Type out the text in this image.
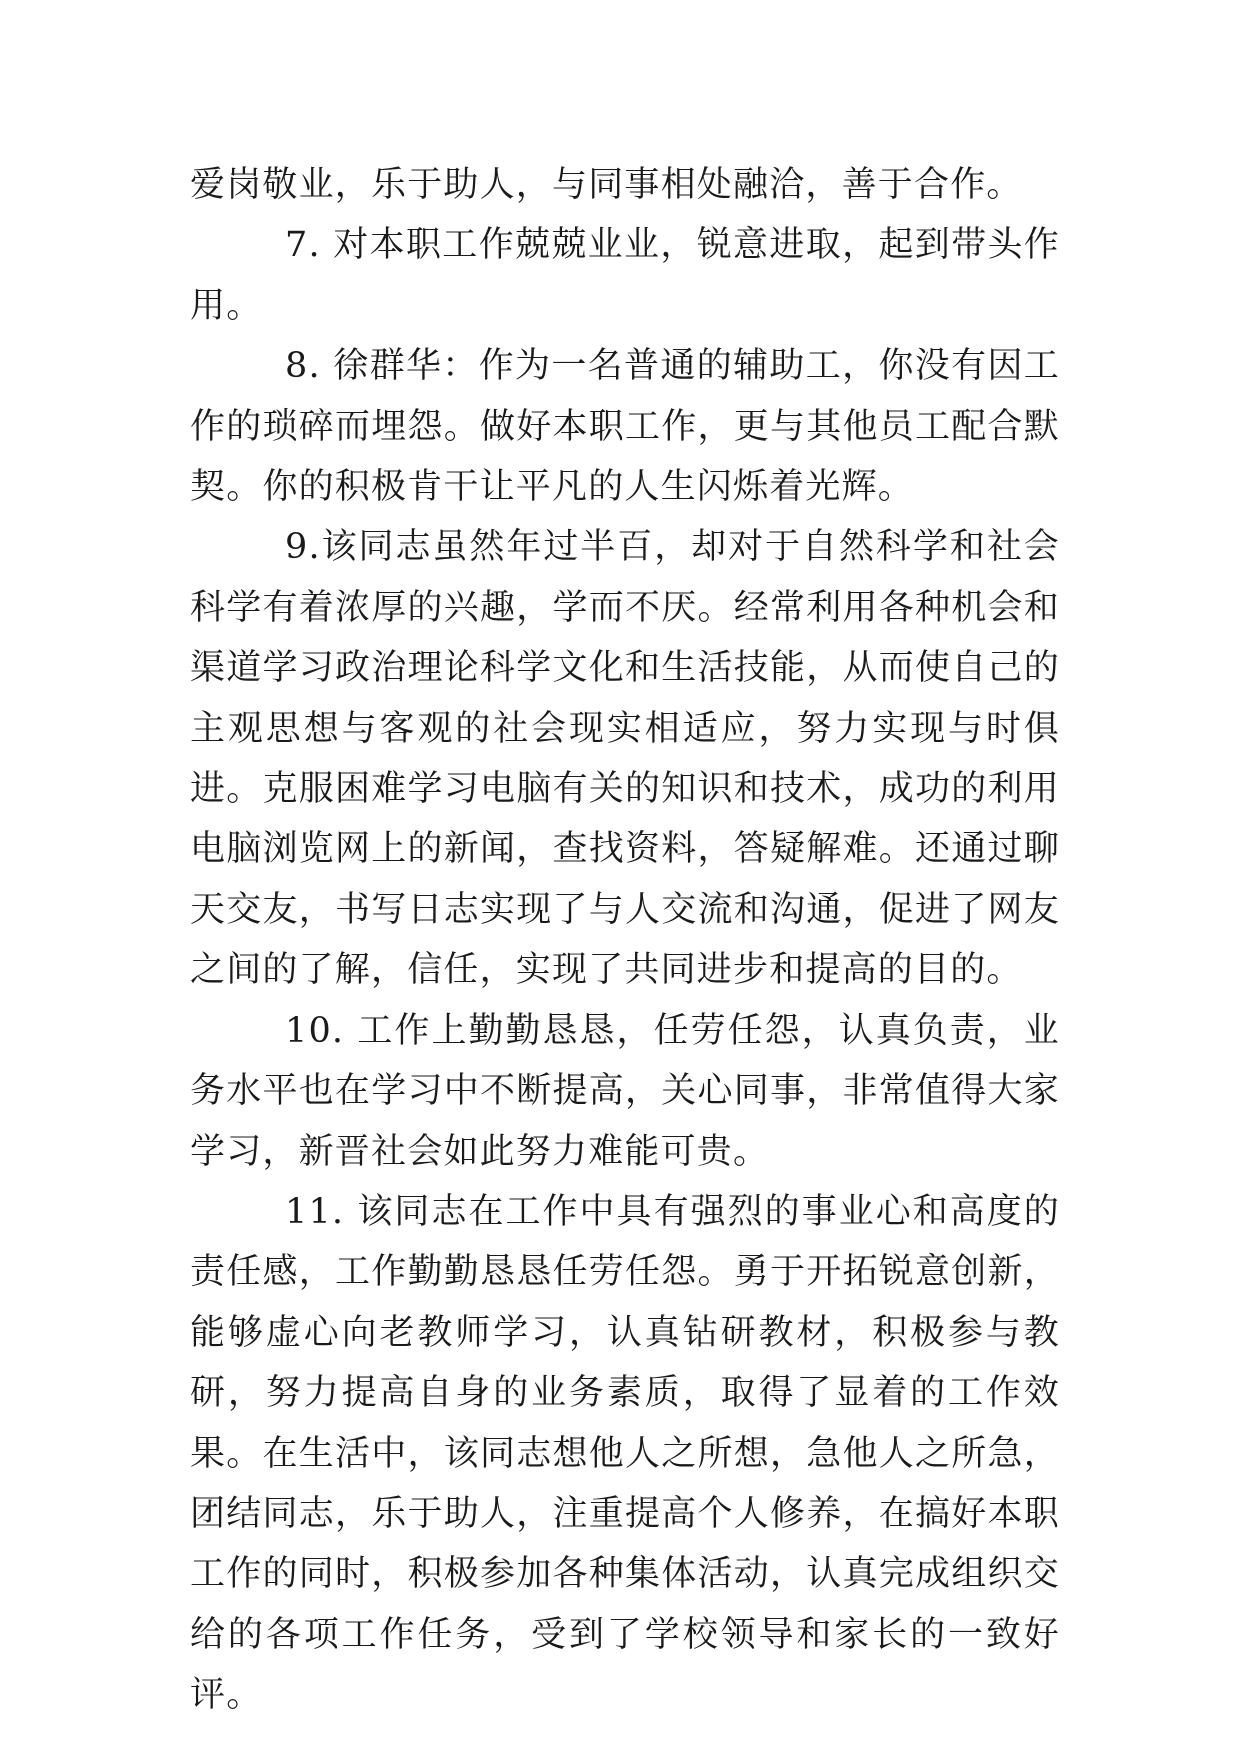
爱岗敬业，乐于助人，与同事相处融洽，善于合作。

7. 对本职工作兢兢业业，锐意进取，起到带头作用。

8. 徐群华：作为一名普通的辅助工，你没有因工作的琐碎而埋怨。做好本职工作，更与其他员工配合默契。你的积极肯干让平凡的人生闪烁着光辉。

9.该同志虽然年过半百，却对于自然科学和社会科学有着浓厚的兴趣，学而不厌。经常利用各种机会和渠道学习政治理论科学文化和生活技能，从而使自己的主观思想与客观的社会现实相适应，努力实现与时俱进。克服困难学习电脑有关的知识和技术，成功的利用电脑浏览网上的新闻，查找资料，答疑解难。还通过聊天交友，书写日志实现了与人交流和沟通，促进了网友之间的了解，信任，实现了共同进步和提高的目的。

10. 工作上勤勤恳恳，任劳任怨，认真负责，业务水平也在学习中不断提高，关心同事，非常值得大家学习，新晋社会如此努力难能可贵。

11. 该同志在工作中具有强烈的事业心和高度的责任感，工作勤勤恳恳任劳任怨。勇于开拓锐意创新，能够虚心向老教师学习，认真钻研教材，积极参与教研，努力提高自身的业务素质，取得了显着的工作效果。在生活中，该同志想他人之所想，急他人之所急，团结同志，乐于助人，注重提高个人修养，在搞好本职工作的同时，积极参加各种集体活动，认真完成组织交给的各项工作任务，受到了学校领导和家长的一致好评。
